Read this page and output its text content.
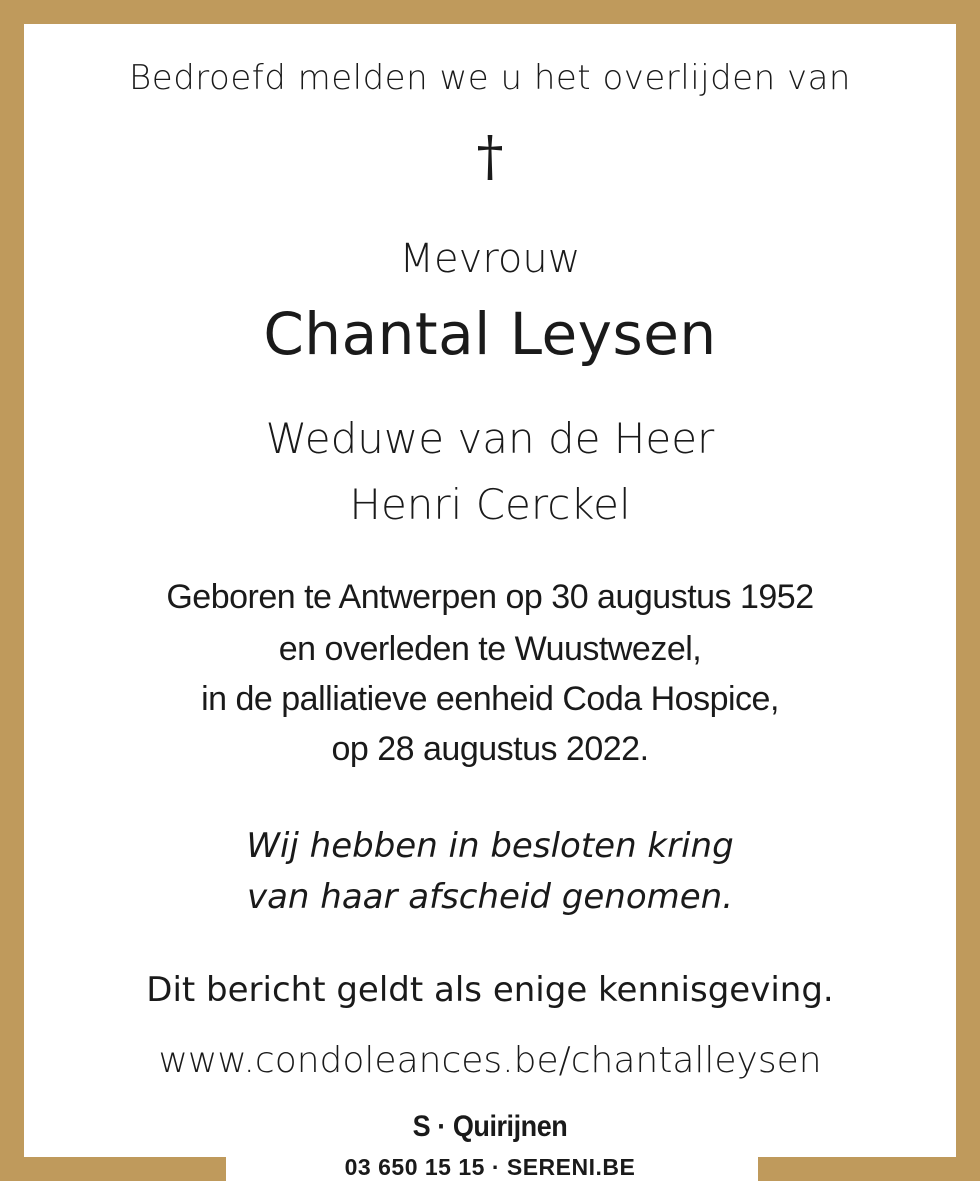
Bedroefd melden we u het overlijden van
†
Mevrouw
Chantal Leysen
Weduwe van de Heer
Henri Cerckel
Geboren te Antwerpen op 30 augustus 1952
en overleden te Wuustwezel,
in de palliatieve eenheid Coda Hospice,
op 28 augustus 2022.
Wij hebben in besloten kring
van haar afscheid genomen.
Dit bericht geldt als enige kennisgeving.
www.condoleances.be/chantalleysen
S · Quirijnen
03 650 15 15 · SERENI.BE
